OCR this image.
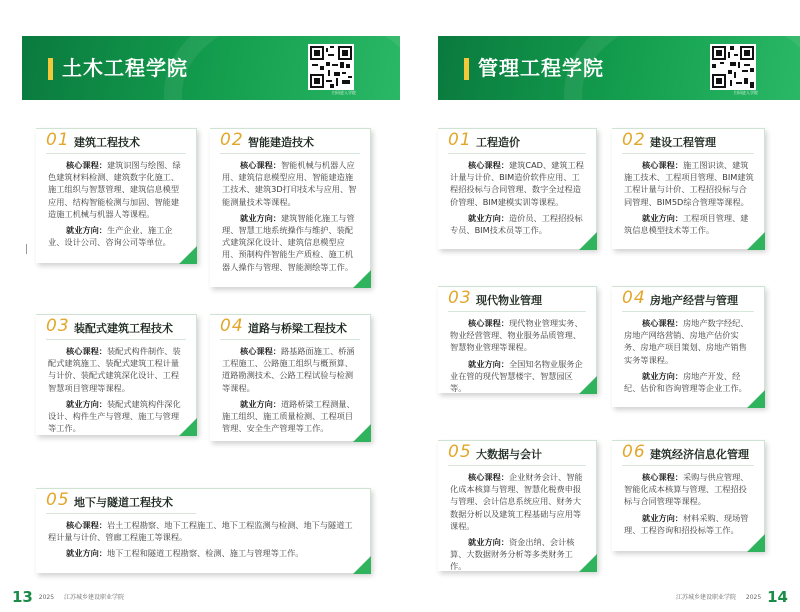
土木工程学院
扫码进入学院
01 建筑工程技术

核心课程：建筑识图与绘图、绿色建筑材料检测、建筑数字化施工、施工组织与智慧管理、建筑信息模型应用、结构智能检测与加固、智能建造施工机械与机器人等课程。

就业方向：生产企业、施工企业、设计公司、咨询公司等单位。

02 智能建造技术

核心课程：智能机械与机器人应用、建筑信息模型应用、智能建造施工技术、建筑3D打印技术与应用、智能测量技术等课程。

就业方向：建筑智能化施工与管理、智慧工地系统操作与维护、装配式建筑深化设计、建筑信息模型应用、预制构件智能生产质检、施工机器人操作与管理、智能测绘等工作。

03 装配式建筑工程技术

核心课程：装配式构件制作、装配式建筑施工、装配式建筑工程计量与计价、装配式建筑深化设计、工程智慧项目管理等课程。

就业方向：装配式建筑构件深化设计、构件生产与管理、施工与管理等工作。

04 道路与桥梁工程技术

核心课程：路基路面施工、桥涵工程施工、公路施工组织与概预算、道路勘测技术、公路工程试验与检测等课程。

就业方向：道路桥梁工程测量、施工组织、施工质量检测、工程项目管理、安全生产管理等工作。

05 地下与隧道工程技术

核心课程：岩土工程勘察、地下工程施工、地下工程监测与检测、地下与隧道工程计量与计价、管廊工程施工等课程。

就业方向：地下工程和隧道工程勘察、检测、施工与管理等工作。

13 2025 江苏城乡建设职业学院
管理工程学院
扫码进入学院
01 工程造价

核心课程：建筑CAD、建筑工程计量与计价、BIM造价软件应用、工程招投标与合同管理、数字全过程造价管理、BIM建模实训等课程。

就业方向：造价员、工程招投标专员、BIM技术员等工作。

02 建设工程管理

核心课程：施工图识读、建筑施工技术、工程项目管理、BIM建筑工程计量与计价、工程招投标与合同管理、BIM5D综合管理等课程。

就业方向：工程项目管理、建筑信息模型技术等工作。

03 现代物业管理

核心课程：现代物业管理实务、物业经营管理、物业服务品质管理、智慧物业管理等课程。

就业方向：全国知名物业服务企业在管的现代智慧楼宇、智慧园区等。

04 房地产经营与管理

核心课程：房地产数字经纪、房地产网络营销、房地产估价实务、房地产项目策划、房地产销售实务等课程。

就业方向：房地产开发、经纪、估价和咨询管理等企业工作。

05 大数据与会计

核心课程：企业财务会计、智能化成本核算与管理、智慧化税费申报与管理、会计信息系统应用、财务大数据分析以及建筑工程基础与应用等课程。

就业方向：资金出纳、会计核算、大数据财务分析等多类财务工作。

06 建筑经济信息化管理

核心课程：采购与供应管理、智能化成本核算与管理、工程招投标与合同管理等课程。

就业方向：材料采购、现场管理、工程咨询和招投标等工作。

江苏城乡建设职业学院 2025 14
